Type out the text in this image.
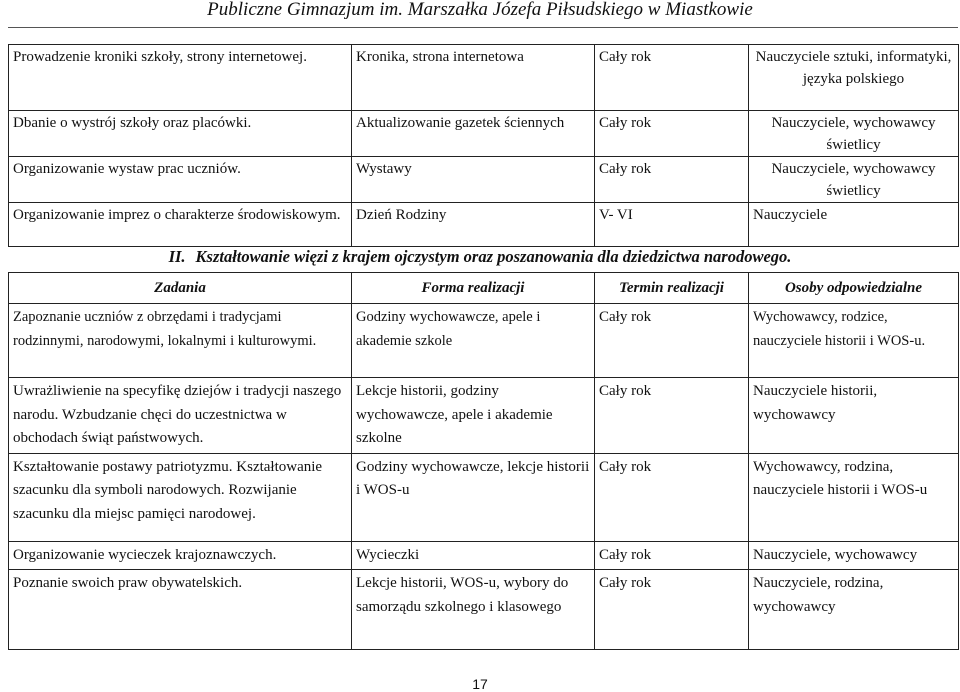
Publiczne Gimnazjum im. Marszałka Józefa Piłsudskiego w Miastkowie
Prowadzenie kroniki szkoły, strony internetowej.	Kronika, strona internetowa	Cały rok	Nauczyciele sztuki, informatyki, języka polskiego
Dbanie o wystrój szkoły oraz placówki.	Aktualizowanie gazetek ściennych	Cały rok	Nauczyciele, wychowawcy świetlicy
Organizowanie wystaw prac uczniów.	Wystawy	Cały rok	Nauczyciele, wychowawcy świetlicy
Organizowanie imprez o charakterze środowiskowym.	Dzień Rodziny	V- VI	Nauczyciele
II. Kształtowanie więzi z krajem ojczystym oraz poszanowania dla dziedzictwa narodowego.
Zadania	Forma realizacji	Termin realizacji	Osoby odpowiedzialne
Zapoznanie uczniów z obrzędami i tradycjami rodzinnymi, narodowymi, lokalnymi i kulturowymi.	Godziny wychowawcze, apele i akademie szkole	Cały rok	Wychowawcy, rodzice, nauczyciele historii i WOS-u.
Uwrażliwienie na specyfikę dziejów i tradycji naszego narodu. Wzbudzanie chęci do uczestnictwa w obchodach świąt państwowych.	Lekcje historii, godziny wychowawcze, apele i akademie szkolne	Cały rok	Nauczyciele historii, wychowawcy
Kształtowanie postawy patriotyzmu. Kształtowanie szacunku dla symboli narodowych. Rozwijanie szacunku dla miejsc pamięci narodowej.	Godziny wychowawcze, lekcje historii i WOS-u	Cały rok	Wychowawcy, rodzina, nauczyciele historii i WOS-u
Organizowanie wycieczek krajoznawczych.	Wycieczki	Cały rok	Nauczyciele, wychowawcy
Poznanie swoich praw obywatelskich.	Lekcje historii, WOS-u, wybory do samorządu szkolnego i klasowego	Cały rok	Nauczyciele, rodzina, wychowawcy
17
